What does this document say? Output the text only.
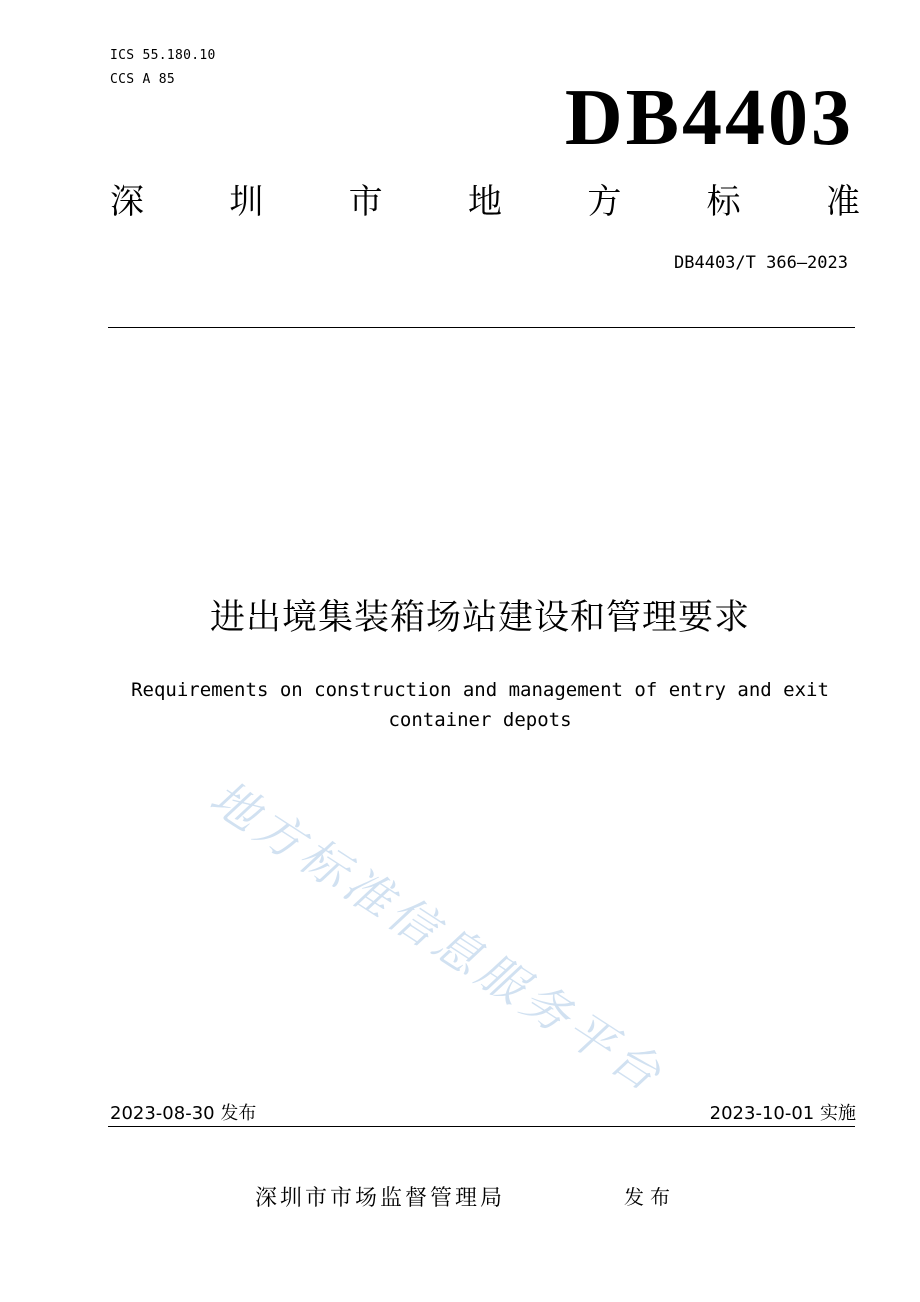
ICS 55.180.10
CCS A 85	DB4403
深	圳	市	地	方	标	准
DB4403/T 366—2023
进出境集装箱场站建设和管理要求
Requirements on construction and management of entry and exit
container depots
地方标准信息服务平台
2023-08-30 发布	2023-10-01 实施
深圳市市场监督管理局	发布
